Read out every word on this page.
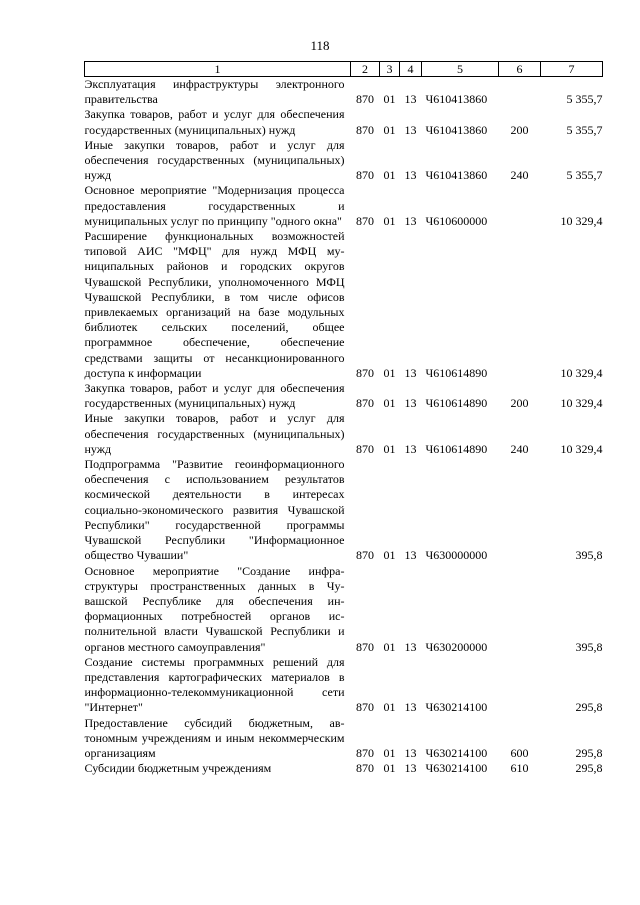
118
1	2	3	4	5	6	7
Эксплуатация инфраструктуры электронного правительства	870	01	13	Ч610413860		5 355,7
Закупка товаров, работ и услуг для обеспечения государственных (муниципальных) нужд	870	01	13	Ч610413860	200	5 355,7
Иные закупки товаров, работ и услуг для обеспечения государственных (муниципальных) нужд	870	01	13	Ч610413860	240	5 355,7
Основное мероприятие "Модернизация процесса предоставления государственных и муниципальных услуг по принципу "одного окна"	870	01	13	Ч610600000		10 329,4
Расширение функциональных возможностей типовой АИС "МФЦ" для нужд МФЦ муниципальных районов и городских округов Чувашской Республики, уполномоченного МФЦ Чувашской Республики, в том числе офисов привлекаемых организаций на базе модульных библиотек сельских поселений, общее программное обеспечение, обеспечение средствами защиты от несанкционированного доступа к информации	870	01	13	Ч610614890		10 329,4
Закупка товаров, работ и услуг для обеспечения государственных (муниципальных) нужд	870	01	13	Ч610614890	200	10 329,4
Иные закупки товаров, работ и услуг для обеспечения государственных (муниципальных) нужд	870	01	13	Ч610614890	240	10 329,4
Подпрограмма "Развитие геоинформационного обеспечения с использованием результатов космической деятельности в интересах социально-экономического развития Чувашской Республики" государственной программы Чувашской Республики "Информационное общество Чувашии"	870	01	13	Ч630000000		395,8
Основное мероприятие "Создание инфраструктуры пространственных данных в Чувашской Республике для обеспечения информационных потребностей органов исполнительной власти Чувашской Республики и органов местного самоуправления"	870	01	13	Ч630200000		395,8
Создание системы программных решений для представления картографических материалов в информационно-телекоммуникационной сети "Интернет"	870	01	13	Ч630214100		295,8
Предоставление субсидий бюджетным, автономным учреждениям и иным некоммерческим организациям	870	01	13	Ч630214100	600	295,8
Субсидии бюджетным учреждениям	870	01	13	Ч630214100	610	295,8
